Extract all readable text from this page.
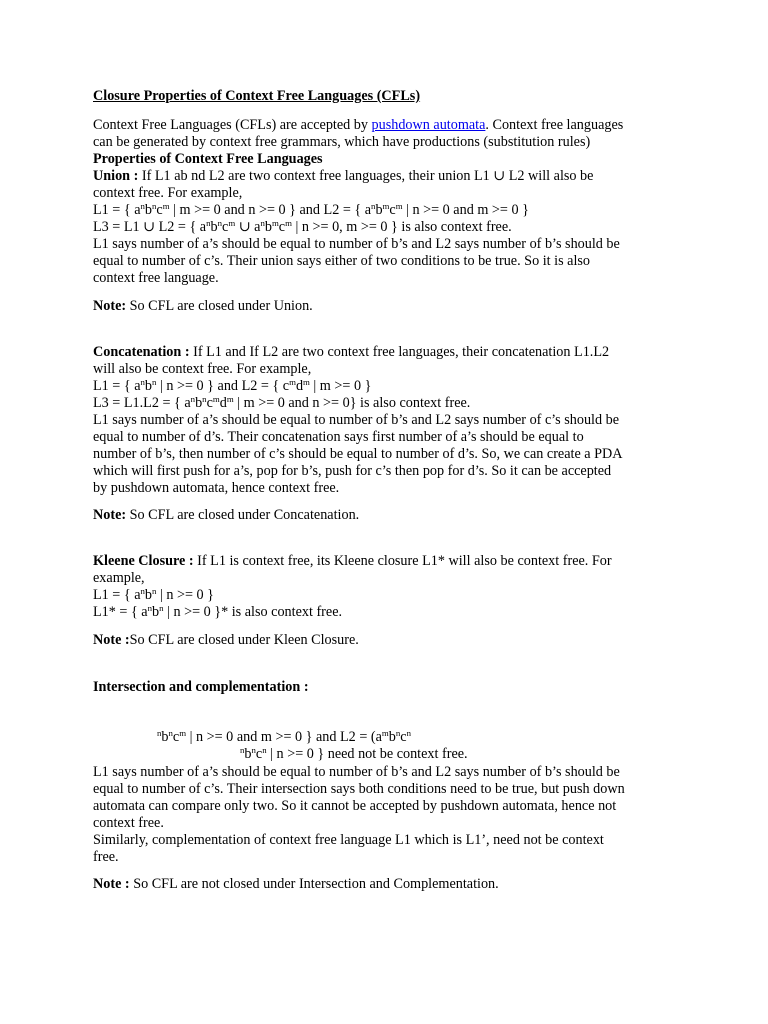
Closure Properties of Context Free Languages (CFLs)

Context Free Languages (CFLs) are accepted by pushdown automata. Context free languages

can be generated by context free grammars, which have productions (substitution rules)

Properties of Context Free Languages

Union : If L1 ab nd L2 are two context free languages, their union L1 ∪ L2 will also be

context free. For example,

L1 = { $a^nb^nc^m$ | m >= 0 and n >= 0 } and L2 = { $a^nb^mc^m$ | n >= 0 and m >= 0 }

L3 = L1 ∪ L2 = { $a^nb^nc^m$ ∪ $a^nb^mc^m$ | n >= 0, m >= 0 } is also context free.

L1 says number of a’s should be equal to number of b’s and L2 says number of b’s should be

equal to number of c’s. Their union says either of two conditions to be true. So it is also

context free language.

Note: So CFL are closed under Union.

Concatenation : If L1 and If L2 are two context free languages, their concatenation L1.L2

will also be context free. For example,

L1 = { $a^nb^n$ | n >= 0 } and L2 = { $c^md^m$ | m >= 0 }

L3 = L1.L2 = { $a^nb^nc^md^m$ | m >= 0 and n >= 0} is also context free.

L1 says number of a’s should be equal to number of b’s and L2 says number of c’s should be

equal to number of d’s. Their concatenation says first number of a’s should be equal to

number of b’s, then number of c’s should be equal to number of d’s. So, we can create a PDA

which will first push for a’s, pop for b’s, push for c’s then pop for d’s. So it can be accepted

by pushdown automata, hence context free.

Note: So CFL are closed under Concatenation.

Kleene Closure : If L1 is context free, its Kleene closure L1* will also be context free. For

example,

L1 = { $a^nb^n$ | n >= 0 }

L1* = { $a^nb^n$ | n >= 0 }* is also context free.

Note :So CFL are closed under Kleen Closure.

Intersection and complementation :

$^nb^nc^m$ | n >= 0 and m >= 0 } and $L2 = (a^mb^nc^n$

$^nb^nc^n$ | n >= 0 } need not be context free.

L1 says number of a’s should be equal to number of b’s and L2 says number of b’s should be

equal to number of c’s. Their intersection says both conditions need to be true, but push down

automata can compare only two. So it cannot be accepted by pushdown automata, hence not

context free.

Similarly, complementation of context free language L1 which is L1’, need not be context

free.

Note : So CFL are not closed under Intersection and Complementation.
